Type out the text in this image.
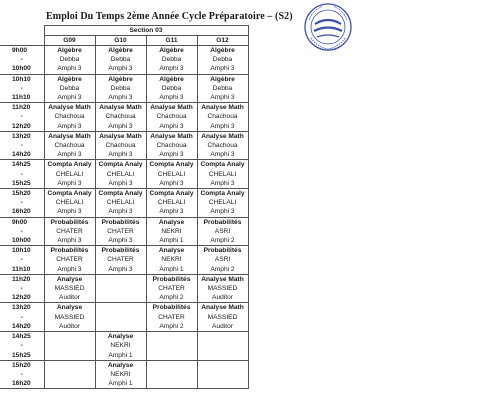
Emploi Du Temps 2ème Année Cycle Préparatoire – (S2)
	Section 03			
	G09	G10	G11	G12

9h00
-
10h00	Algèbre
Debba
Amphi 3	Algèbre
Debba
Amphi 3	Algèbre
Debba
Amphi 3	Algèbre
Debba
Amphi 3

10h10
-
11h10	Algèbre
Debba
Amphi 3	Algèbre
Debba
Amphi 3	Algèbre
Debba
Amphi 3	Algèbre
Debba
Amphi 3

11h20
-
12h20	Analyse Math
Chachoua
Amphi 3	Analyse Math
Chachoua
Amphi 3	Analyse Math
Chachoua
Amphi 3	Analyse Math
Chachoua
Amphi 3

13h20
-
14h20	Analyse Math
Chachoua
Amphi 3	Analyse Math
Chachoua
Amphi 3	Analyse Math
Chachoua
Amphi 3	Analyse Math
Chachoua
Amphi 3

14h25
-
15h25	Compta Analy
CHELALI
Amphi 3	Compta Analy
CHELALI
Amphi 3	Compta Analy
CHELALI
Amphi 3	Compta Analy
CHELALI
Amphi 3

15h20
-
16h20	Compta Analy
CHELALI
Amphi 3	Compta Analy
CHELALI
Amphi 3	Compta Analy
CHELALI
Amphi 3	Compta Analy
CHELALI
Amphi 3

9h00
-
10h00	Probabilités
CHATER
Amphi 3	Probabilités
CHATER
Amphi 3	Analyse
NEKRI
Amphi 1	Probabilités
ASRI
Amphi 2

10h10
-
11h10	Probabilités
CHATER
Amphi 3	Probabilités
CHATER
Amphi 3	Analyse
NEKRI
Amphi 1	Probabilités
ASRI
Amphi 2

11h20
-
12h20	Analyse
MASSIED
Auditor		Probabilités
CHATER
Amphi 2	Analyse Math
MASSIED
Auditor

13h20
-
14h20	Analyse
MASSIED
Auditor		Probabilités
CHATER
Amphi 2	Analyse Math
MASSIED
Auditor

14h25
-
15h25		Analyse
NEKRI
Amphi 1		

15h20
-
16h20		Analyse
NEKRI
Amphi 1		
